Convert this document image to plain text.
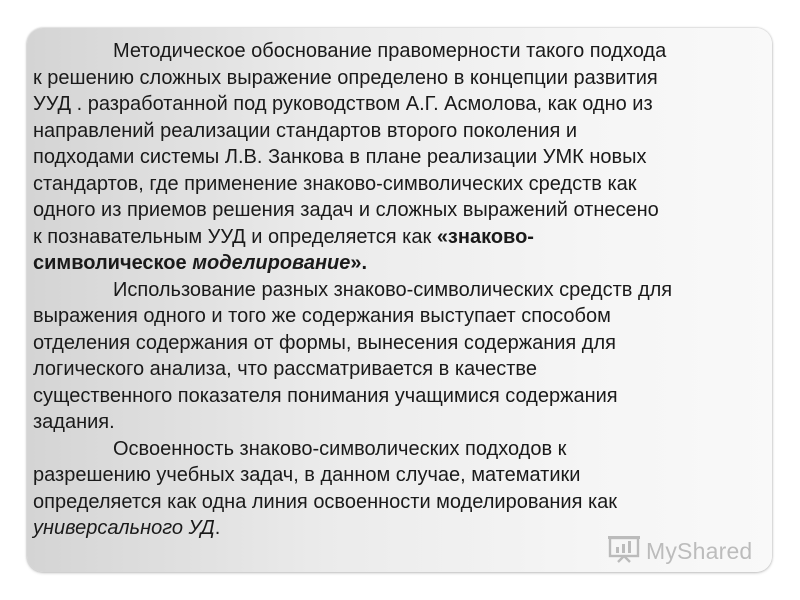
Методическое обоснование правомерности такого подхода
к решению сложных выражение определено в концепции развития
УУД . разработанной под руководством А.Г. Асмолова, как одно из
направлений реализации стандартов второго поколения и
подходами системы Л.В. Занкова в плане реализации УМК новых
стандартов, где применение знаково-символических средств как
одного из приемов решения задач и сложных выражений отнесено
к познавательным УУД и определяется как «знаково-
символическое моделирование».
Использование разных знаково-символических средств для
выражения одного и того же содержания выступает способом
отделения содержания от формы, вынесения содержания для
логического анализа, что рассматривается в качестве
существенного показателя понимания учащимися содержания
задания.
Освоенность знаково-символических подходов к
разрешению учебных задач, в данном случае, математики
определяется как одна линия освоенности моделирования как
универсального УД.
MyShared
